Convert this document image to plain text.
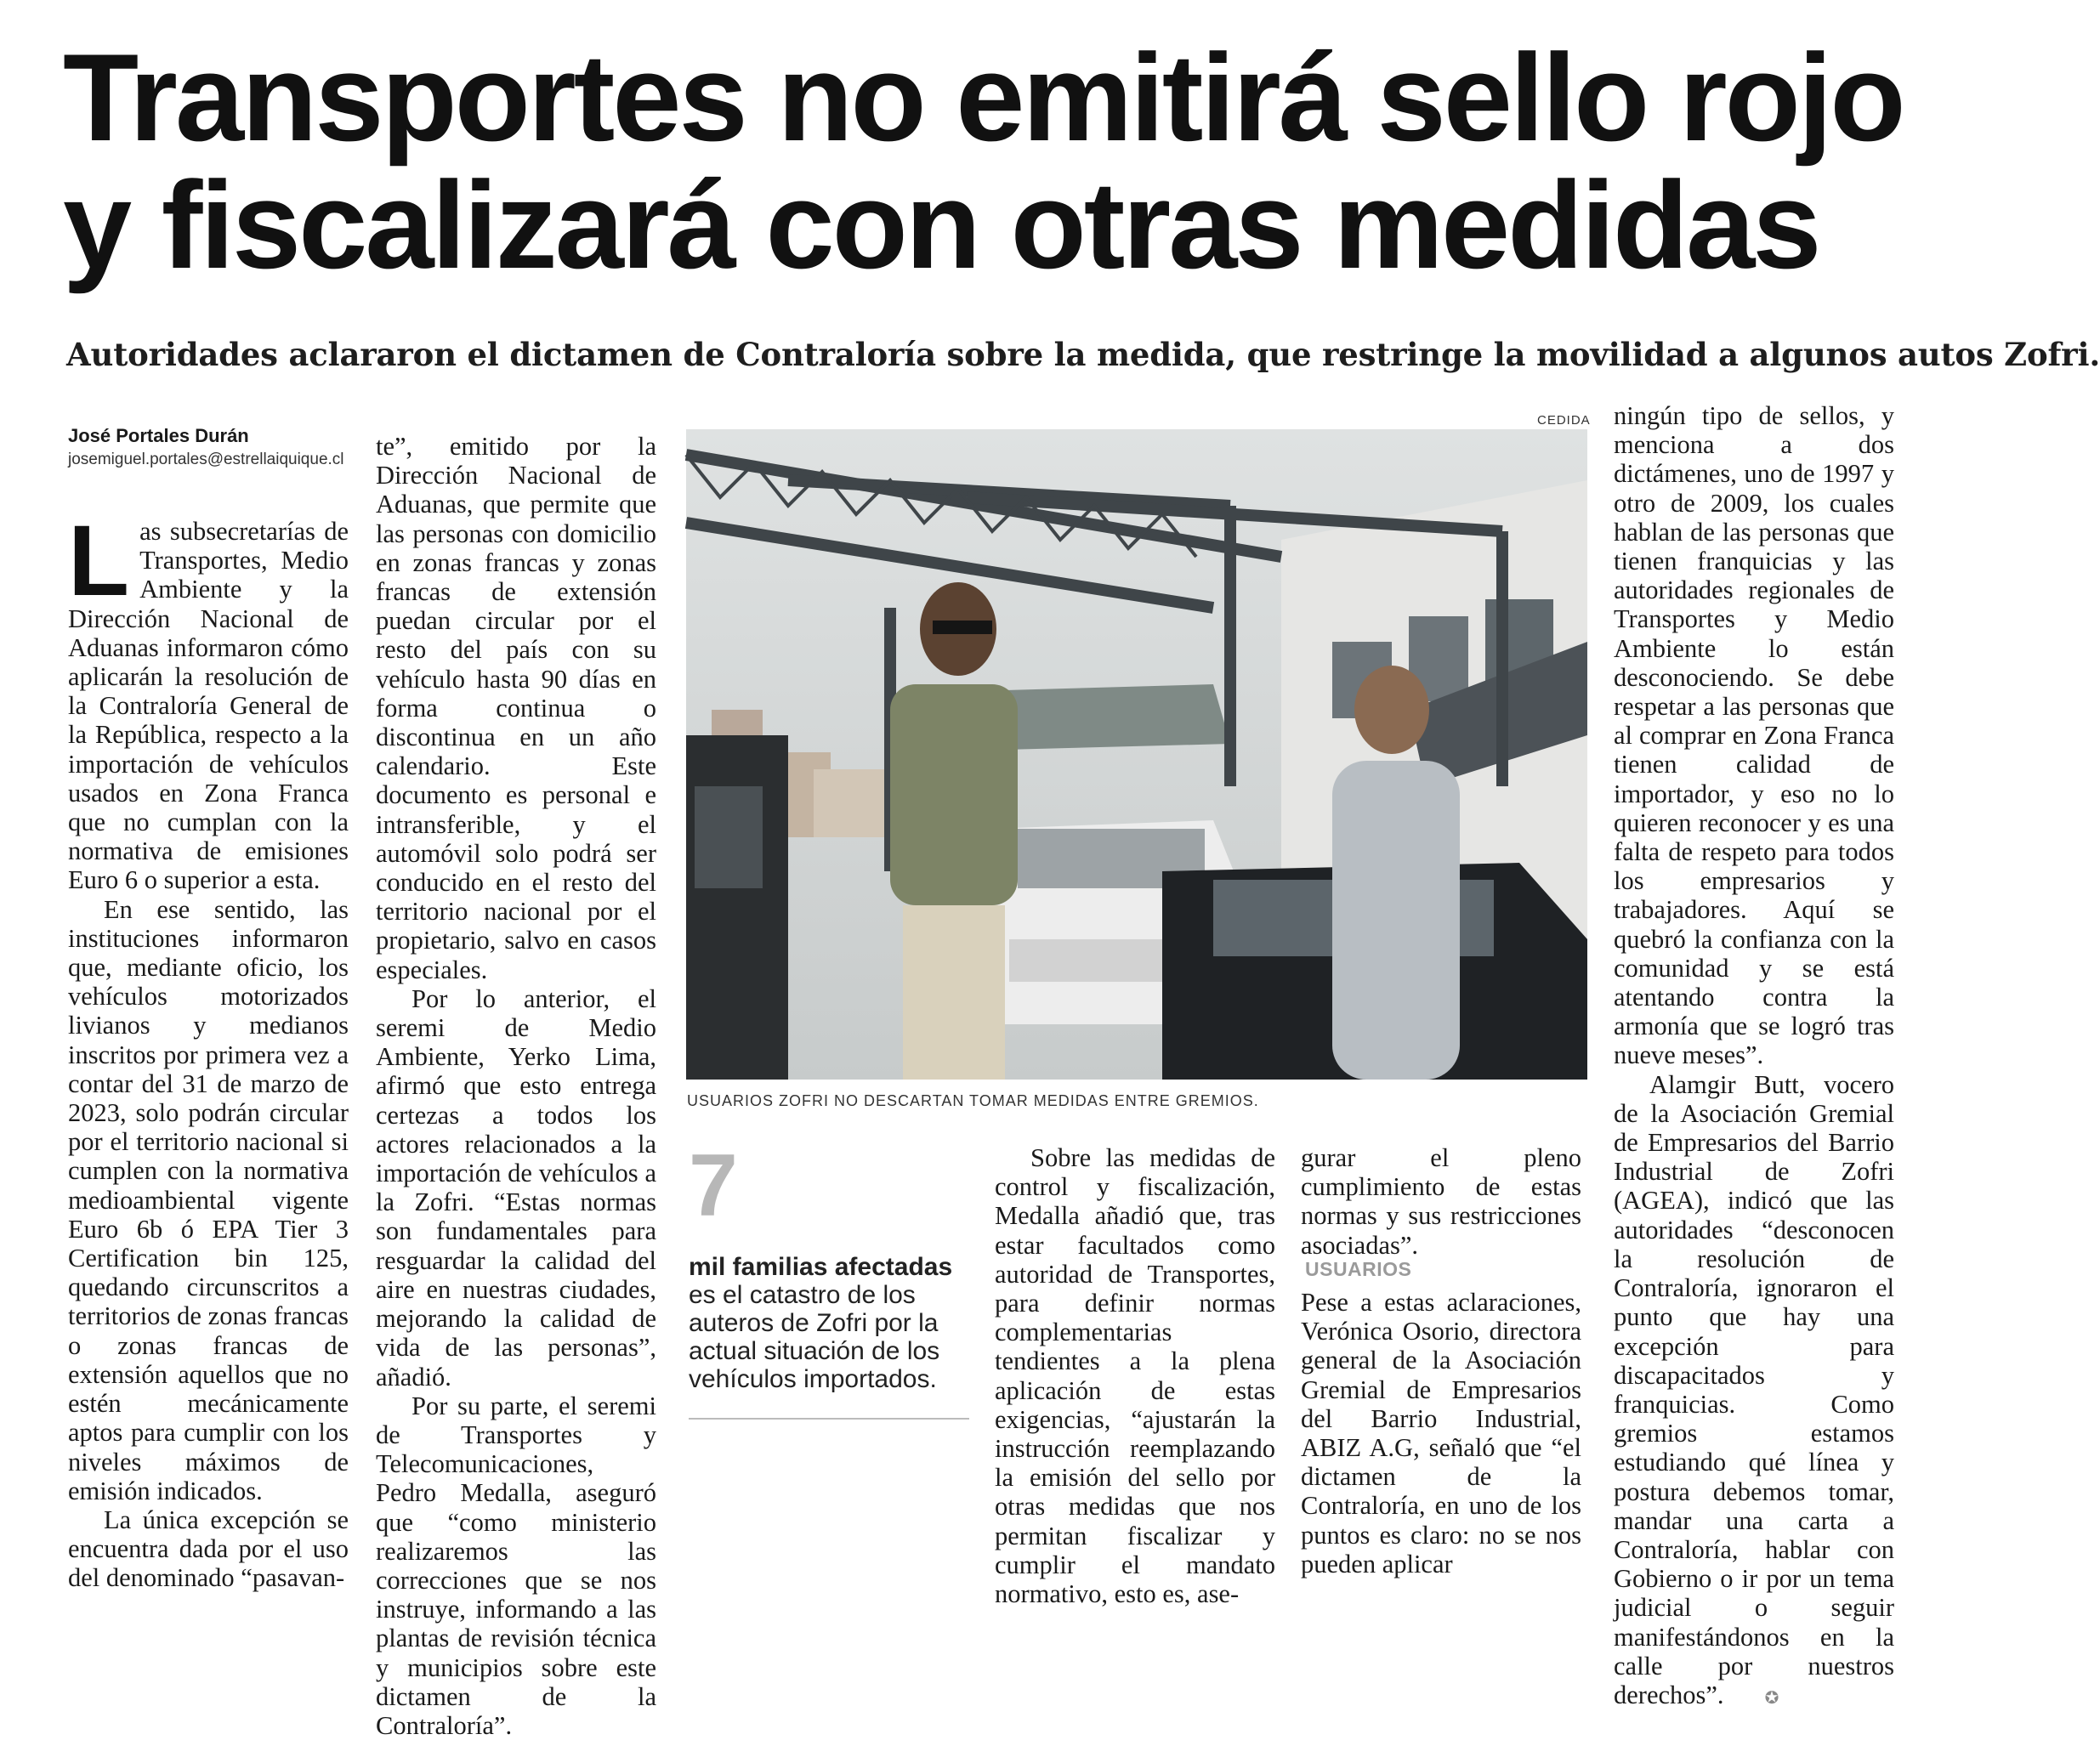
Transportes no emitirá sello rojo
y fiscalizará con otras medidas
Autoridades aclararon el dictamen de Contraloría sobre la medida, que restringe la movilidad a algunos autos Zofri.
José Portales Durán
josemiguel.portales@estrellaiquique.cl

Las subsecretarías de Transportes, Medio Ambiente y la Dirección Nacional de Aduanas informaron cómo aplicarán la resolución de la Contraloría General de la República, respecto a la importación de vehículos usados en Zona Franca que no cumplan con la normativa de emisiones Euro 6 o superior a esta.

En ese sentido, las instituciones informaron que, mediante oficio, los vehículos motorizados livianos y medianos inscritos por primera vez a contar del 31 de marzo de 2023, solo podrán circular por el territorio nacional si cumplen con la normativa medioambiental vigente Euro 6b ó EPA Tier 3 Certification bin 125, quedando circunscritos a territorios de zonas francas o zonas francas de extensión aquellos que no estén mecánicamente aptos para cumplir con los niveles máximos de emisión indicados.

La única excepción se encuentra dada por el uso del denominado “pasavan-

te”, emitido por la Dirección Nacional de Aduanas, que permite que las personas con domicilio en zonas francas y zonas francas de extensión puedan circular por el resto del país con su vehículo hasta 90 días en forma continua o discontinua en un año calendario. Este documento es personal e intransferible, y el automóvil solo podrá ser conducido en el resto del territorio nacional por el propietario, salvo en casos especiales.

Por lo anterior, el seremi de Medio Ambiente, Yerko Lima, afirmó que esto entrega certezas a todos los actores relacionados a la importación de vehículos a la Zofri. “Estas normas son fundamentales para resguardar la calidad del aire en nuestras ciudades, mejorando la calidad de vida de las personas”, añadió.

Por su parte, el seremi de Transportes y Telecomunicaciones, Pedro Medalla, aseguró que “como ministerio realizaremos las correcciones que se nos instruye, informando a las plantas de revisión técnica y municipios sobre este dictamen de la Contraloría”.

CEDIDA
USUARIOS ZOFRI NO DESCARTAN TOMAR MEDIDAS ENTRE GREMIOS.
7
mil familias afectadas
es el catastro de los auteros de Zofri por la actual situación de los vehículos importados.

Sobre las medidas de control y fiscalización, Medalla añadió que, tras estar facultados como autoridad de Transportes, para definir normas complementarias tendientes a la plena aplicación de estas exigencias, “ajustarán la instrucción reemplazando la emisión del sello por otras medidas que nos permitan fiscalizar y cumplir el mandato normativo, esto es, ase-

gurar el pleno cumplimiento de estas normas y sus restricciones asociadas”.

USUARIOS

Pese a estas aclaraciones, Verónica Osorio, directora general de la Asociación Gremial de Empresarios del Barrio Industrial, ABIZ A.G, señaló que “el dictamen de la Contraloría, en uno de los puntos es claro: no se nos pueden aplicar

ningún tipo de sellos, y menciona a dos dictámenes, uno de 1997 y otro de 2009, los cuales hablan de las personas que tienen franquicias y las autoridades regionales de Transportes y Medio Ambiente lo están desconociendo. Se debe respetar a las personas que al comprar en Zona Franca tienen calidad de importador, y eso no lo quieren reconocer y es una falta de respeto para todos los empresarios y trabajadores. Aquí se quebró la confianza con la comunidad y se está atentando contra la armonía que se logró tras nueve meses”.

Alamgir Butt, vocero de la Asociación Gremial de Empresarios del Barrio Industrial de Zofri (AGEA), indicó que las autoridades “desconocen la resolución de Contraloría, ignoraron el punto que hay una excepción para discapacitados y franquicias. Como gremios estamos estudiando qué línea y postura debemos tomar, mandar una carta a Contraloría, hablar con Gobierno o ir por un tema judicial o seguir manifestándonos en la calle por nuestros derechos”. ✪
